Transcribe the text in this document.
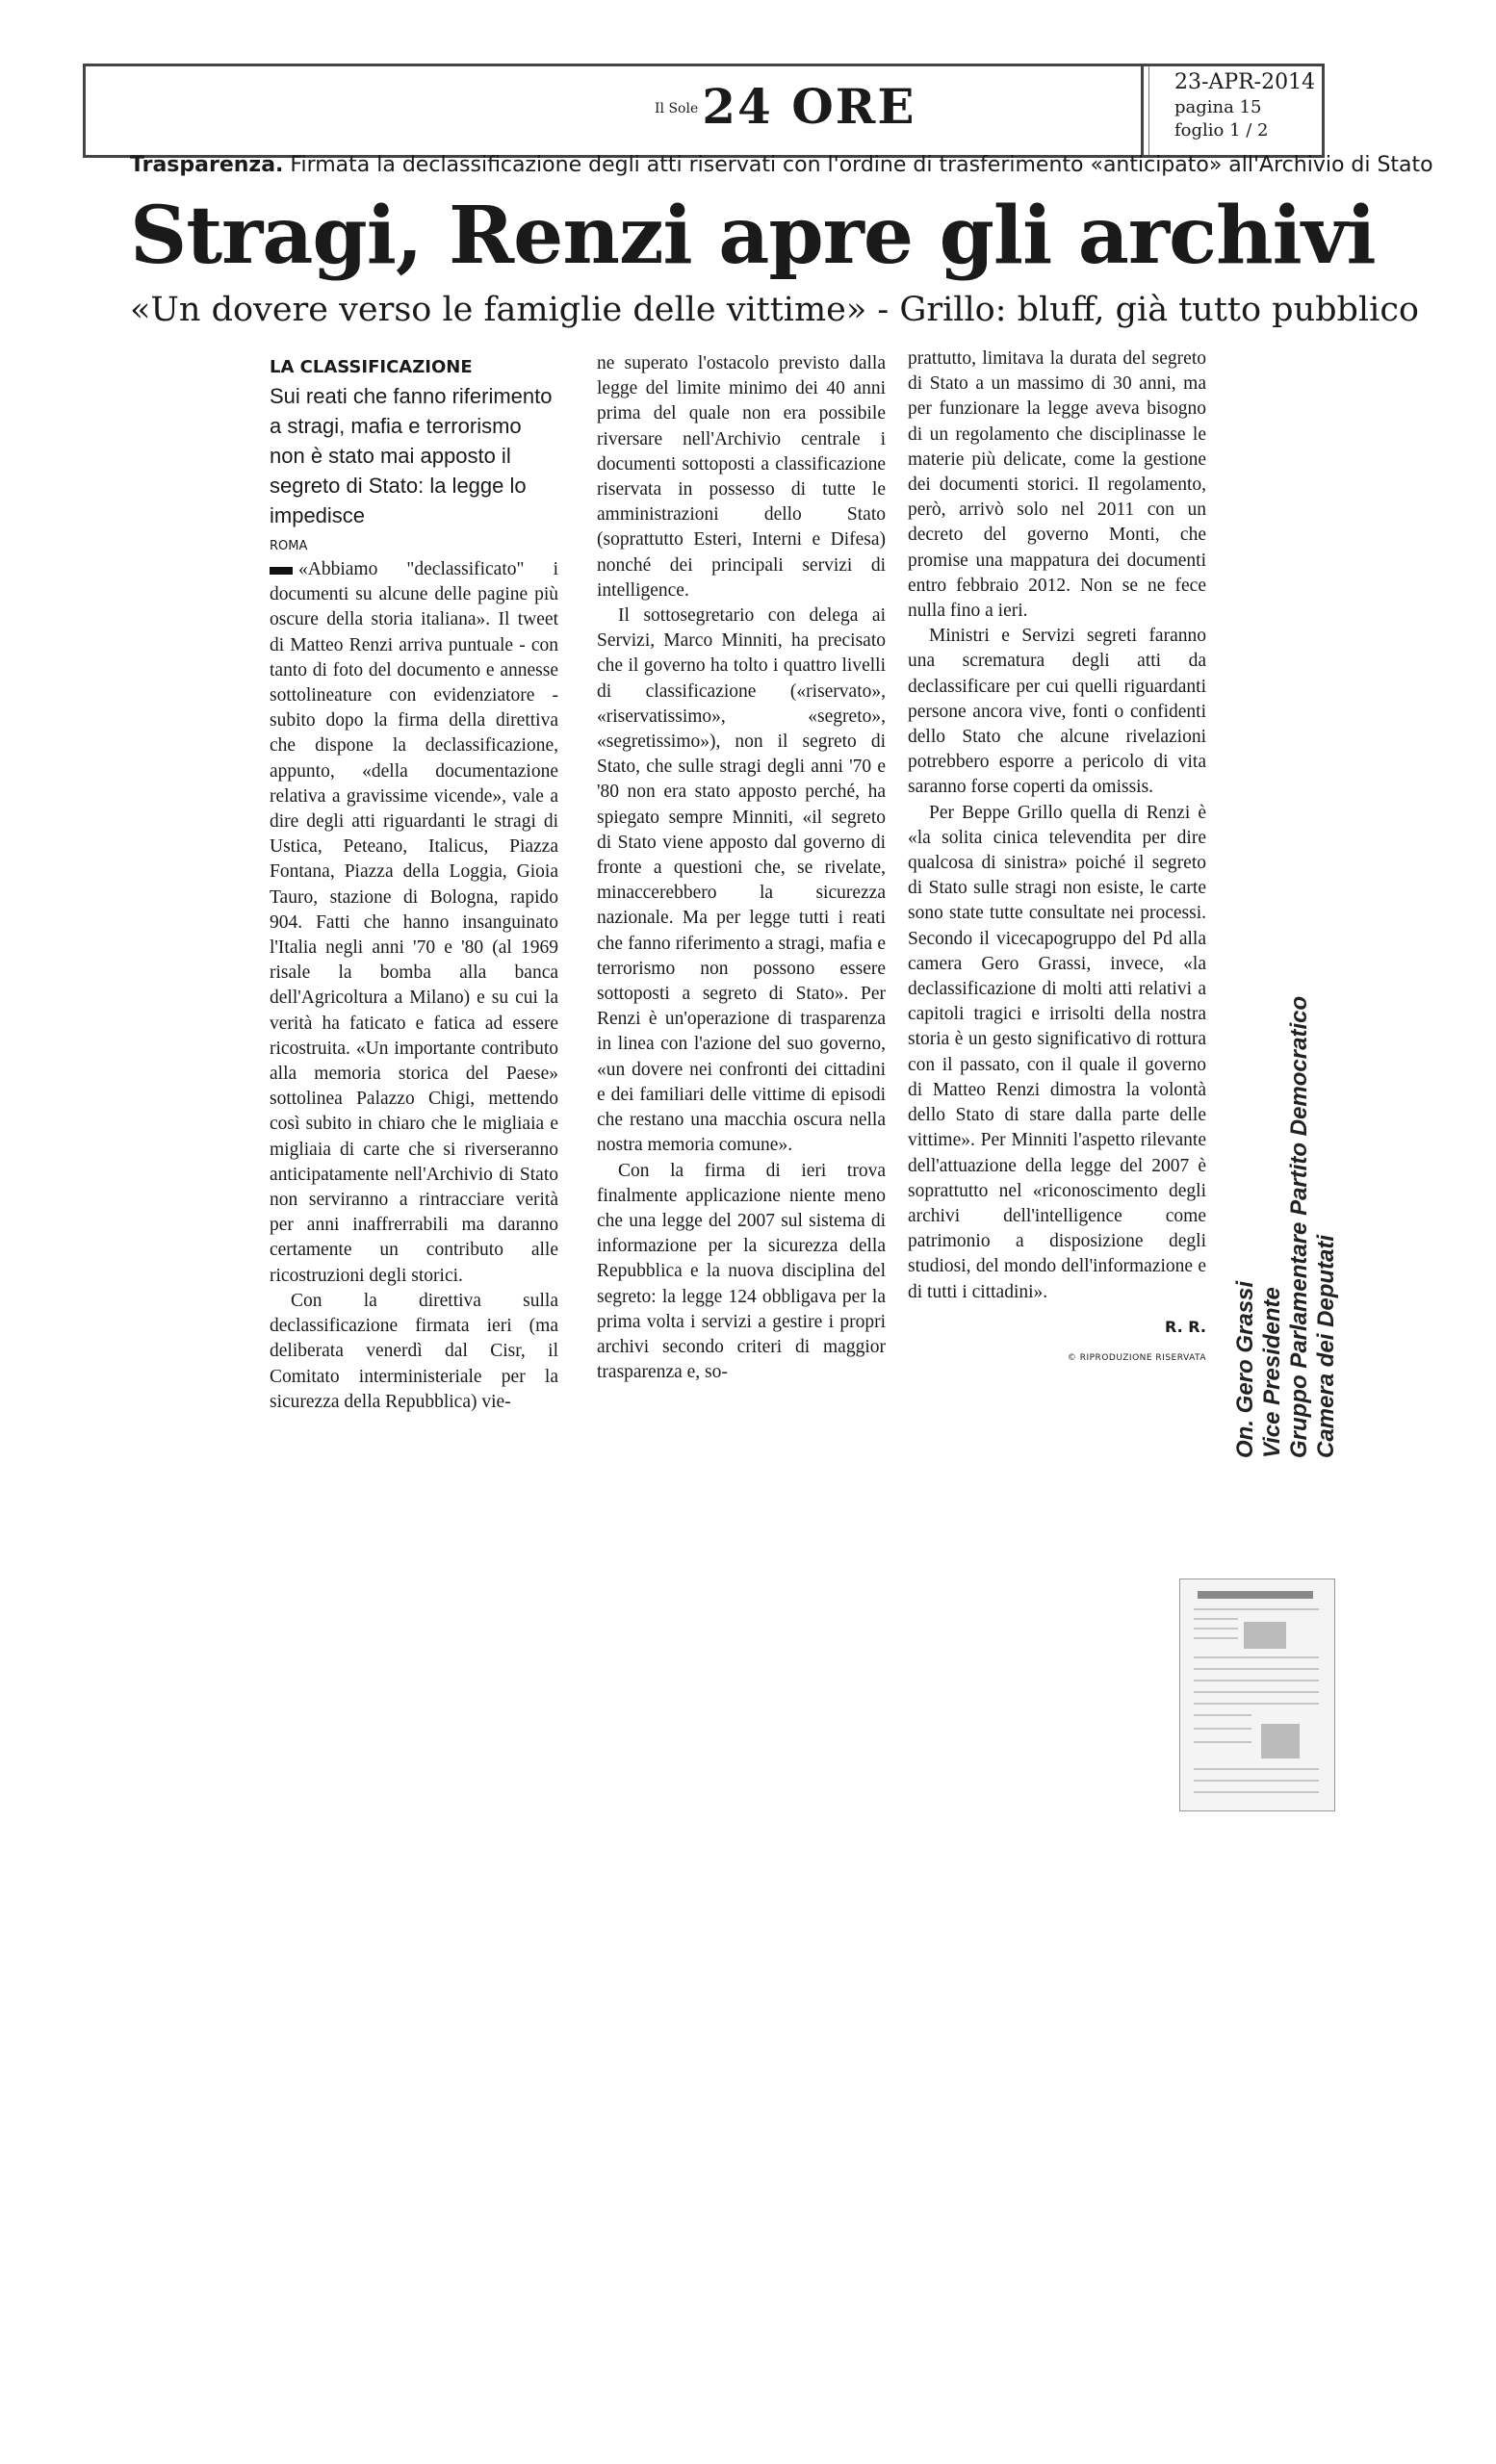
Il Sole 24 ORE	23-APR-2014
pagina 15
foglio 1 / 2
Trasparenza. Firmata la declassificazione degli atti riservati con l'ordine di trasferimento «anticipato» all'Archivio di Stato
Stragi, Renzi apre gli archivi
«Un dovere verso le famiglie delle vittime» - Grillo: bluff, già tutto pubblico
LA CLASSIFICAZIONE
Sui reati che fanno riferimento a stragi, mafia e terrorismo non è stato mai apposto il segreto di Stato: la legge lo impedisce
ROMA

«Abbiamo "declassificato" i documenti su alcune delle pagine più oscure della storia italiana». Il tweet di Matteo Renzi arriva puntuale - con tanto di foto del documento e annesse sottolineature con evidenziatore - subito dopo la firma della direttiva che dispone la declassificazione, appunto, «della documentazione relativa a gravissime vicende», vale a dire degli atti riguardanti le stragi di Ustica, Peteano, Italicus, Piazza Fontana, Piazza della Loggia, Gioia Tauro, stazione di Bologna, rapido 904. Fatti che hanno insanguinato l'Italia negli anni '70 e '80 (al 1969 risale la bomba alla banca dell'Agricoltura a Milano) e su cui la verità ha faticato e fatica ad essere ricostruita. «Un importante contributo alla memoria storica del Paese» sottolinea Palazzo Chigi, mettendo così subito in chiaro che le migliaia e migliaia di carte che si riverseranno anticipatamente nell'Archivio di Stato non serviranno a rintracciare verità per anni inaffrerrabili ma daranno certamente un contributo alle ricostruzioni degli storici.

Con la direttiva sulla declassificazione firmata ieri (ma deliberata venerdì dal Cisr, il Comitato interministeriale per la sicurezza della Repubblica) vie-

ne superato l'ostacolo previsto dalla legge del limite minimo dei 40 anni prima del quale non era possibile riversare nell'Archivio centrale i documenti sottoposti a classificazione riservata in possesso di tutte le amministrazioni dello Stato (soprattutto Esteri, Interni e Difesa) nonché dei principali servizi di intelligence.

Il sottosegretario con delega ai Servizi, Marco Minniti, ha precisato che il governo ha tolto i quattro livelli di classificazione («riservato», «riservatissimo», «segreto», «segretissimo»), non il segreto di Stato, che sulle stragi degli anni '70 e '80 non era stato apposto perché, ha spiegato sempre Minniti, «il segreto di Stato viene apposto dal governo di fronte a questioni che, se rivelate, minaccerebbero la sicurezza nazionale. Ma per legge tutti i reati che fanno riferimento a stragi, mafia e terrorismo non possono essere sottoposti a segreto di Stato». Per Renzi è un'operazione di trasparenza in linea con l'azione del suo governo, «un dovere nei confronti dei cittadini e dei familiari delle vittime di episodi che restano una macchia oscura nella nostra memoria comune».

Con la firma di ieri trova finalmente applicazione niente meno che una legge del 2007 sul sistema di informazione per la sicurezza della Repubblica e la nuova disciplina del segreto: la legge 124 obbligava per la prima volta i servizi a gestire i propri archivi secondo criteri di maggior trasparenza e, so-

prattutto, limitava la durata del segreto di Stato a un massimo di 30 anni, ma per funzionare la legge aveva bisogno di un regolamento che disciplinasse le materie più delicate, come la gestione dei documenti storici. Il regolamento, però, arrivò solo nel 2011 con un decreto del governo Monti, che promise una mappatura dei documenti entro febbraio 2012. Non se ne fece nulla fino a ieri.

Ministri e Servizi segreti faranno una scrematura degli atti da declassificare per cui quelli riguardanti persone ancora vive, fonti o confidenti dello Stato che alcune rivelazioni potrebbero esporre a pericolo di vita saranno forse coperti da omissis.

Per Beppe Grillo quella di Renzi è «la solita cinica televendita per dire qualcosa di sinistra» poiché il segreto di Stato sulle stragi non esiste, le carte sono state tutte consultate nei processi. Secondo il vicecapogruppo del Pd alla camera Gero Grassi, invece, «la declassificazione di molti atti relativi a capitoli tragici e irrisolti della nostra storia è un gesto significativo di rottura con il passato, con il quale il governo di Matteo Renzi dimostra la volontà dello Stato di stare dalla parte delle vittime». Per Minniti l'aspetto rilevante dell'attuazione della legge del 2007 è soprattutto nel «riconoscimento degli archivi dell'intelligence come patrimonio a disposizione degli studiosi, del mondo dell'informazione e di tutti i cittadini».

R. R.
© RIPRODUZIONE RISERVATA On. Gero Grassi Vice Presidente Gruppo Parlamentare Partito Democratico Camera dei Deputati
